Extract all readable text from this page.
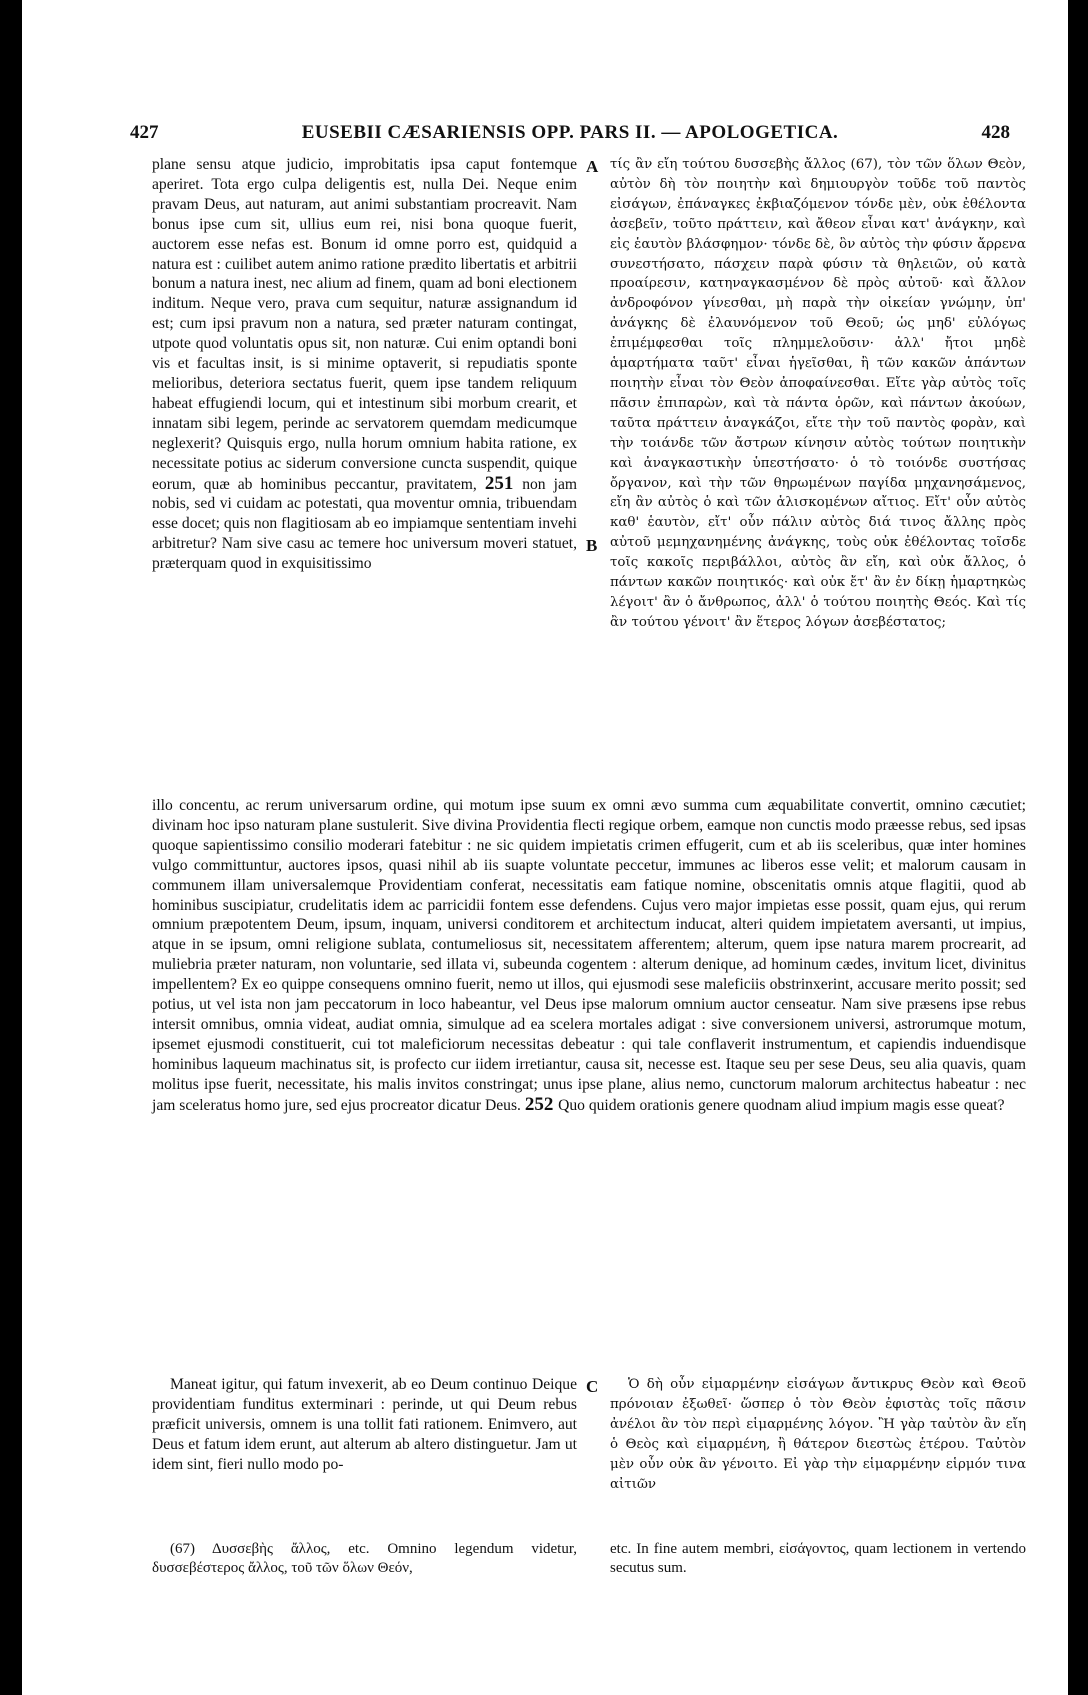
427	EUSEBII CÆSARIENSIS OPP. PARS II. — APOLOGETICA.	428
plane sensu atque judicio, improbitatis ipsa caput fontemque aperiret. Tota ergo culpa deligentis est, nulla Dei. Neque enim pravam Deus, aut naturam, aut animi substantiam procreavit. Nam bonus ipse cum sit, ullius eum rei, nisi bona quoque fuerit, auctorem esse nefas est. Bonum id omne porro est, quidquid a natura est : cuilibet autem animo ratione prædito libertatis et arbitrii bonum a natura inest, nec alium ad finem, quam ad boni electionem inditum. Neque vero, prava cum sequitur, naturæ assignandum id est; cum ipsi pravum non a natura, sed præter naturam contingat, utpote quod voluntatis opus sit, non naturæ. Cui enim optandi boni vis et facultas insit, is si minime optaverit, si repudiatis sponte melioribus, deteriora sectatus fuerit, quem ipse tandem reliquum habeat effugiendi locum, qui et intestinum sibi morbum crearit, et innatam sibi legem, perinde ac servatorem quemdam medicumque neglexerit? Quisquis ergo, nulla horum omnium habita ratione, ex necessitate potius ac siderum conversione cuncta suspendit, quique eorum, quæ ab hominibus peccantur, pravitatem, 251 non jam nobis, sed vi cuidam ac potestati, qua moventur omnia, tribuendam esse docet; quis non flagitiosam ab eo impiamque sententiam invehi arbitretur? Nam sive casu ac temere hoc universum moveri statuet, præterquam quod in exquisitissimo
A
B
τίς ἂν εἴη τούτου δυσσεβὴς ἄλλος (67), τὸν τῶν ὅλων Θεὸν, αὐτὸν δὴ τὸν ποιητὴν καὶ δημιουργὸν τοῦδε τοῦ παντὸς εἰσάγων, ἐπάναγκες ἐκβιαζόμενον τόνδε μὲν, οὐκ ἐθέλοντα ἀσεβεῖν, τοῦτο πράττειν, καὶ ἄθεον εἶναι κατ' ἀνάγκην, καὶ εἰς ἑαυτὸν βλάσφημον· τόνδε δὲ, ὃν αὐτὸς τὴν φύσιν ἄρρενα συνεστήσατο, πάσχειν παρὰ φύσιν τὰ θηλειῶν, οὐ κατὰ προαίρεσιν, κατηναγκασμένον δὲ πρὸς αὐτοῦ· καὶ ἄλλον ἀνδροφόνον γίνεσθαι, μὴ παρὰ τὴν οἰκείαν γνώμην, ὑπ' ἀνάγκης δὲ ἐλαυνόμενον τοῦ Θεοῦ; ὡς μηδ' εὐλόγως ἐπιμέμφεσθαι τοῖς πλημμελοῦσιν· ἀλλ' ἤτοι μηδὲ ἁμαρτήματα ταῦτ' εἶναι ἡγεῖσθαι, ἢ τῶν κακῶν ἁπάντων ποιητὴν εἶναι τὸν Θεὸν ἀποφαίνεσθαι. Εἴτε γὰρ αὐτὸς τοῖς πᾶσιν ἐπιπαρὼν, καὶ τὰ πάντα ὁρῶν, καὶ πάντων ἀκούων, ταῦτα πράττειν ἀναγκάζοι, εἴτε τὴν τοῦ παντὸς φορὰν, καὶ τὴν τοιάνδε τῶν ἄστρων κίνησιν αὐτὸς τούτων ποιητικὴν καὶ ἀναγκαστικὴν ὑπεστήσατο· ὁ τὸ τοιόνδε συστήσας ὄργανον, καὶ τὴν τῶν θηρωμένων παγίδα μηχανησάμενος, εἴη ἂν αὐτὸς ὁ καὶ τῶν ἁλισκομένων αἴτιος. Εἴτ' οὖν αὐτὸς καθ' ἑαυτὸν, εἴτ' οὖν πάλιν αὐτὸς διά τινος ἄλλης πρὸς αὐτοῦ μεμηχανημένης ἀνάγκης, τοὺς οὐκ ἐθέλοντας τοῖσδε τοῖς κακοῖς περιβάλλοι, αὐτὸς ἂν εἴη, καὶ οὐκ ἄλλος, ὁ πάντων κακῶν ποιητικός· καὶ οὐκ ἔτ' ἂν ἐν δίκῃ ἡμαρτηκὼς λέγοιτ' ἂν ὁ ἄνθρωπος, ἀλλ' ὁ τούτου ποιητὴς Θεός. Καὶ τίς ἂν τούτου γένοιτ' ἂν ἕτερος λόγων ἀσεβέστατος;
illo concentu, ac rerum universarum ordine, qui motum ipse suum ex omni ævo summa cum æquabilitate convertit, omnino cæcutiet; divinam hoc ipso naturam plane sustulerit. Sive divina Providentia flecti regique orbem, eamque non cunctis modo præesse rebus, sed ipsas quoque sapientissimo consilio moderari fatebitur : ne sic quidem impietatis crimen effugerit, cum et ab iis sceleribus, quæ inter homines vulgo committuntur, auctores ipsos, quasi nihil ab iis suapte voluntate peccetur, immunes ac liberos esse velit; et malorum causam in communem illam universalemque Providentiam conferat, necessitatis eam fatique nomine, obscenitatis omnis atque flagitii, quod ab hominibus suscipiatur, crudelitatis idem ac parricidii fontem esse defendens. Cujus vero major impietas esse possit, quam ejus, qui rerum omnium præpotentem Deum, ipsum, inquam, universi conditorem et architectum inducat, alteri quidem impietatem aversanti, ut impius, atque in se ipsum, omni religione sublata, contumeliosus sit, necessitatem afferentem; alterum, quem ipse natura marem procrearit, ad muliebria præter naturam, non voluntarie, sed illata vi, subeunda cogentem : alterum denique, ad hominum cædes, invitum licet, divinitus impellentem? Ex eo quippe consequens omnino fuerit, nemo ut illos, qui ejusmodi sese maleficiis obstrinxerint, accusare merito possit; sed potius, ut vel ista non jam peccatorum in loco habeantur, vel Deus ipse malorum omnium auctor censeatur. Nam sive præsens ipse rebus intersit omnibus, omnia videat, audiat omnia, simulque ad ea scelera mortales adigat : sive conversionem universi, astrorumque motum, ipsemet ejusmodi constituerit, cui tot maleficiorum necessitas debeatur : qui tale conflaverit instrumentum, et capiendis induendisque hominibus laqueum machinatus sit, is profecto cur iidem irretiantur, causa sit, necesse est. Itaque seu per sese Deus, seu alia quavis, quam molitus ipse fuerit, necessitate, his malis invitos constringat; unus ipse plane, alius nemo, cunctorum malorum architectus habeatur : nec jam sceleratus homo jure, sed ejus procreator dicatur Deus. 252 Quo quidem orationis genere quodnam aliud impium magis esse queat?
Maneat igitur, qui fatum invexerit, ab eo Deum continuo Deique providentiam funditus exterminari : perinde, ut qui Deum rebus præficit universis, omnem is una tollit fati rationem. Enimvero, aut Deus et fatum idem erunt, aut alterum ab altero distinguetur. Jam ut idem sint, fieri nullo modo po-
C	Ὁ δὴ οὖν εἱμαρμένην εἰσάγων ἄντικρυς Θεὸν καὶ Θεοῦ πρόνοιαν ἐξωθεῖ· ὥσπερ ὁ τὸν Θεὸν ἐφιστὰς τοῖς πᾶσιν ἀνέλοι ἂν τὸν περὶ εἱμαρμένης λόγον. Ἢ γὰρ ταὐτὸν ἂν εἴη ὁ Θεὸς καὶ εἱμαρμένη, ἢ θάτερον διεστὼς ἑτέρου. Ταὐτὸν μὲν οὖν οὐκ ἂν γένοιτο. Εἰ γὰρ τὴν εἱμαρμένην εἱρμόν τινα αἰτιῶν
(67) Δυσσεβὴς ἄλλος, etc. Omnino legendum videtur, δυσσεβέστερος ἄλλος, τοῦ τῶν ὅλων Θεόν,
etc. In fine autem membri, εἰσάγοντος, quam lectionem in vertendo secutus sum.
